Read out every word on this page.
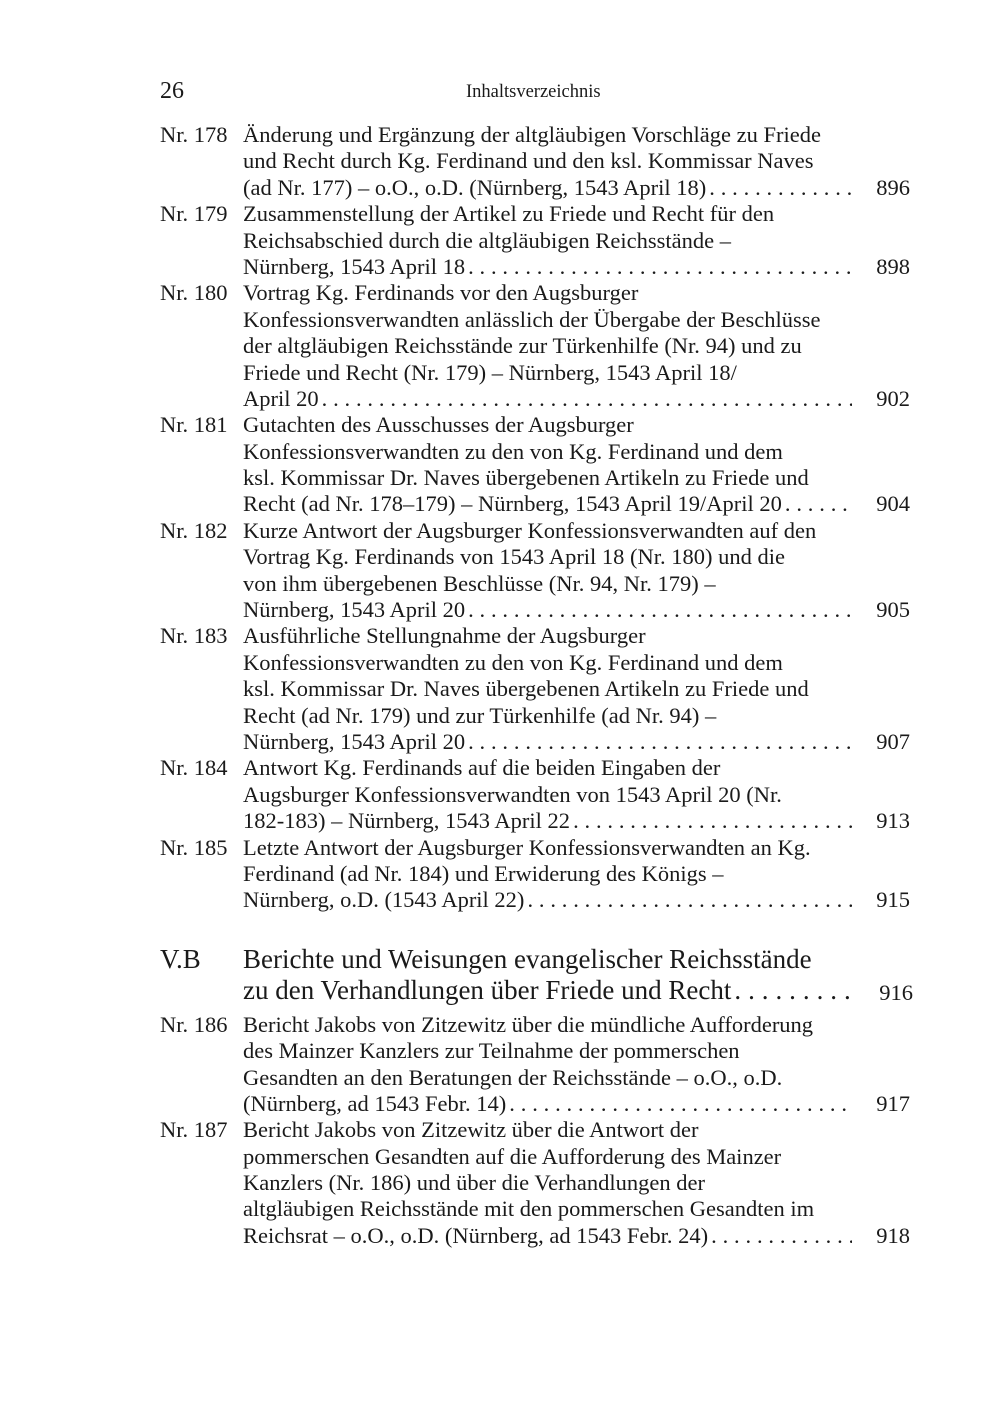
26	Inhaltsverzeichnis
Nr. 178 Änderung und Ergänzung der altgläubigen Vorschläge zu Friede
und Recht durch Kg. Ferdinand und den ksl. Kommissar Naves
(ad Nr. 177) – o.O., o.D. (Nürnberg, 1543 April 18) . . .	896
Nr. 179 Zusammenstellung der Artikel zu Friede und Recht für den
Reichsabschied durch die altgläubigen Reichsstände –
Nürnberg, 1543 April 18 . . .	898
Nr. 180 Vortrag Kg. Ferdinands vor den Augsburger
Konfessionsverwandten anlässlich der Übergabe der Beschlüsse
der altgläubigen Reichsstände zur Türkenhilfe (Nr. 94) und zu
Friede und Recht (Nr. 179) – Nürnberg, 1543 April 18/
April 20 . . .	902
Nr. 181 Gutachten des Ausschusses der Augsburger
Konfessionsverwandten zu den von Kg. Ferdinand und dem
ksl. Kommissar Dr. Naves übergebenen Artikeln zu Friede und
Recht (ad Nr. 178–179) – Nürnberg, 1543 April 19/April 20 . . .	904
Nr. 182 Kurze Antwort der Augsburger Konfessionsverwandten auf den
Vortrag Kg. Ferdinands von 1543 April 18 (Nr. 180) und die
von ihm übergebenen Beschlüsse (Nr. 94, Nr. 179) –
Nürnberg, 1543 April 20 . . .	905
Nr. 183 Ausführliche Stellungnahme der Augsburger
Konfessionsverwandten zu den von Kg. Ferdinand und dem
ksl. Kommissar Dr. Naves übergebenen Artikeln zu Friede und
Recht (ad Nr. 179) und zur Türkenhilfe (ad Nr. 94) –
Nürnberg, 1543 April 20 . . .	907
Nr. 184 Antwort Kg. Ferdinands auf die beiden Eingaben der
Augsburger Konfessionsverwandten von 1543 April 20 (Nr.
182-183) – Nürnberg, 1543 April 22 . . .	913
Nr. 185 Letzte Antwort der Augsburger Konfessionsverwandten an Kg.
Ferdinand (ad Nr. 184) und Erwiderung des Königs –
Nürnberg, o.D. (1543 April 22) . . .	915
V.B Berichte und Weisungen evangelischer Reichsstände
zu den Verhandlungen über Friede und Recht . . .	916
Nr. 186 Bericht Jakobs von Zitzewitz über die mündliche Aufforderung
des Mainzer Kanzlers zur Teilnahme der pommerschen
Gesandten an den Beratungen der Reichsstände – o.O., o.D.
(Nürnberg, ad 1543 Febr. 14) . . .	917
Nr. 187 Bericht Jakobs von Zitzewitz über die Antwort der
pommerschen Gesandten auf die Aufforderung des Mainzer
Kanzlers (Nr. 186) und über die Verhandlungen der
altgläubigen Reichsstände mit den pommerschen Gesandten im
Reichsrat – o.O., o.D. (Nürnberg, ad 1543 Febr. 24) . . .	918
